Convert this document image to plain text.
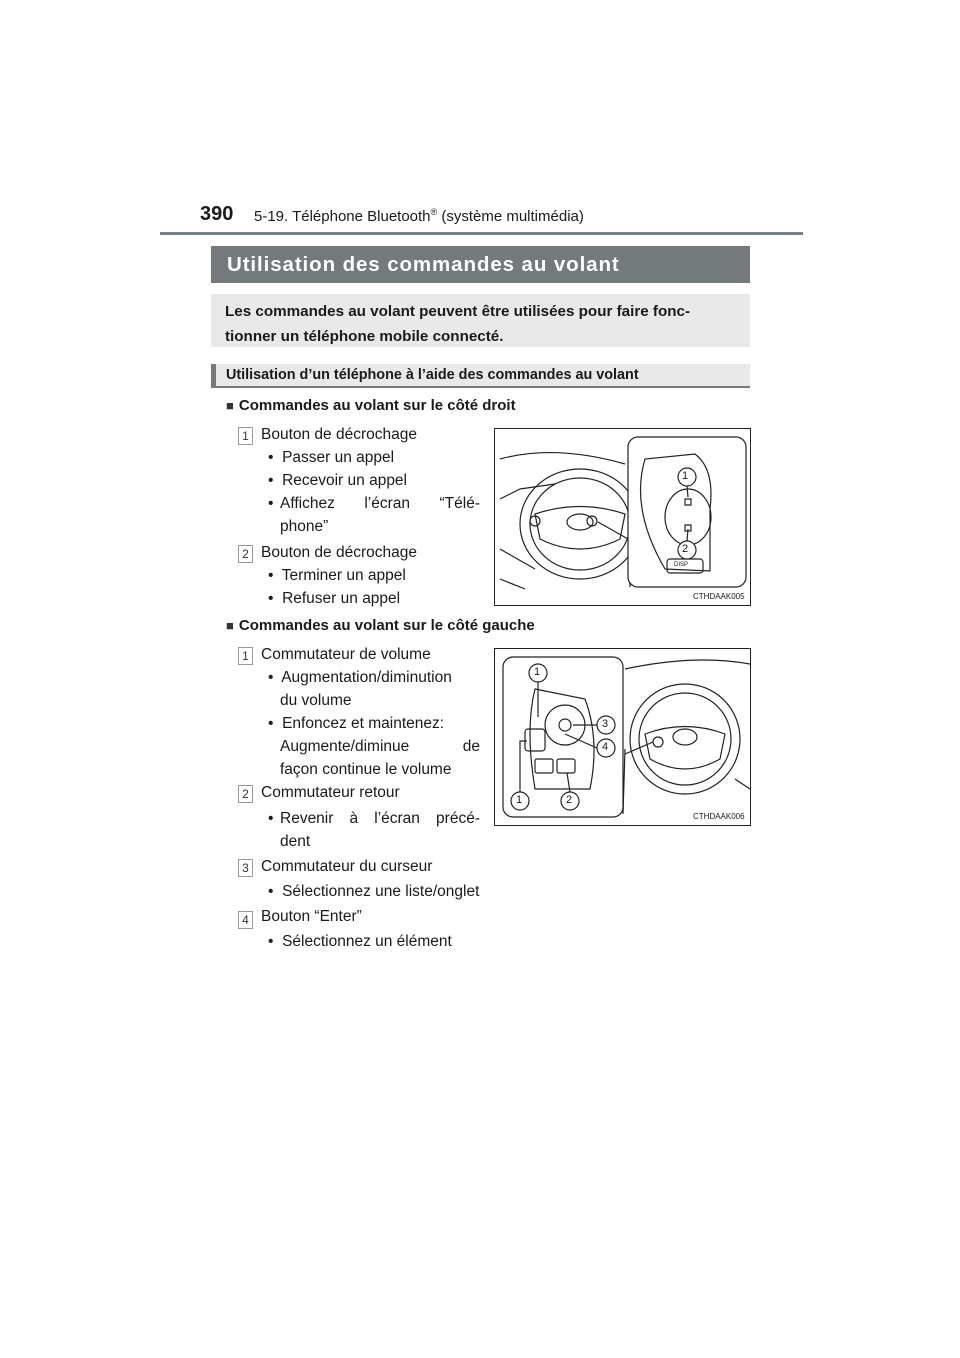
390 5-19. Téléphone Bluetooth® (système multimédia)
Utilisation des commandes au volant

Les commandes au volant peuvent être utilisées pour faire fonc-tionner un téléphone mobile connecté.

Utilisation d’un téléphone à l’aide des commandes au volant
■ Commandes au volant sur le côté droit
1 Bouton de décrochage
• Passer un appel
• Recevoir un appel
• Affichez l’écran “Télé-
phone”
2 Bouton de décrochage
• Terminer un appel
• Refuser un appel
1
2
DISP
CTHDAAK005
■ Commandes au volant sur le côté gauche
1 Commutateur de volume
• Augmentation/diminution
du volume
• Enfoncez et maintenez:
Augmente/diminue	de
façon continue le volume
2 Commutateur retour
• Revenir à l’écran précé-
dent
3 Commutateur du curseur
• Sélectionnez une liste/onglet
4 Bouton “Enter”
• Sélectionnez un élément
1
1	2
3
4
CTHDAAK006
